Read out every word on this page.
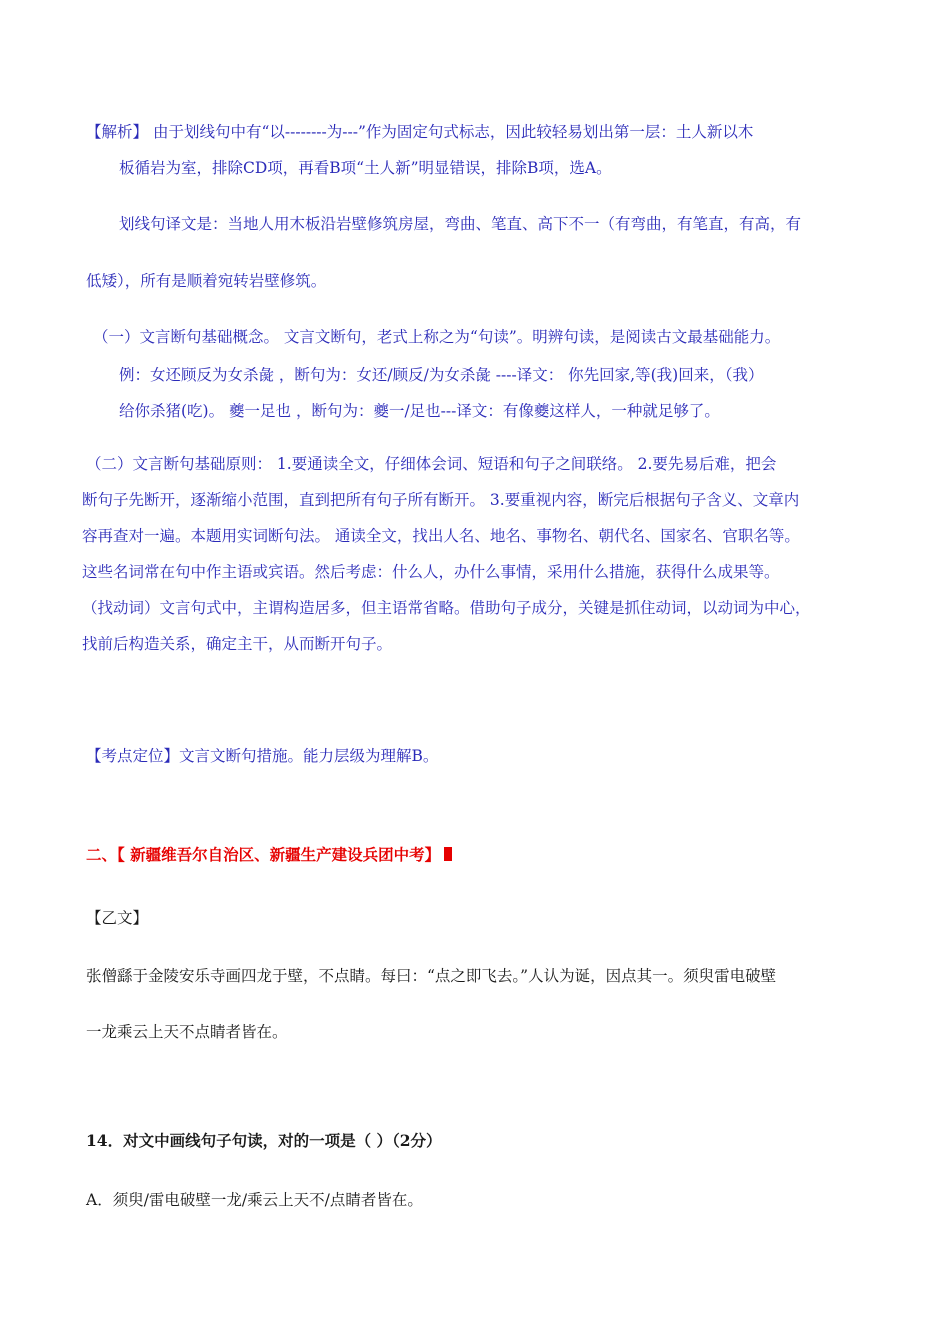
【解析】 由于划线句中有“以--------为---”作为固定句式标志，因此较轻易划出第一层：土人新以木
板循岩为室，排除CD项，再看B项“土人新”明显错误，排除B项，选A。
划线句译文是：当地人用木板沿岩壁修筑房屋，弯曲、笔直、高下不一（有弯曲，有笔直，有高，有
低矮），所有是顺着宛转岩壁修筑。
（一）文言断句基础概念。 文言文断句，老式上称之为“句读”。明辨句读，是阅读古文最基础能力。
例：女还顾反为女杀彘 ，断句为：女还/顾反/为女杀彘 ----译文： 你先回家,等(我)回来，（我）
给你杀猪(吃)。 夔一足也 ，断句为：夔一/足也---译文：有像夔这样人，一种就足够了。
（二）文言断句基础原则： 1.要通读全文，仔细体会词、短语和句子之间联络。 2.要先易后难，把会
断句子先断开，逐渐缩小范围，直到把所有句子所有断开。 3.要重视内容，断完后根据句子含义、文章内
容再查对一遍。本题用实词断句法。 通读全文，找出人名、地名、事物名、朝代名、国家名、官职名等。
这些名词常在句中作主语或宾语。然后考虑：什么人，办什么事情，采用什么措施，获得什么成果等。
（找动词）文言句式中，主谓构造居多，但主语常省略。借助句子成分，关键是抓住动词，以动词为中心，
找前后构造关系，确定主干，从而断开句子。
【考点定位】文言文断句措施。能力层级为理解B。
二、【 新疆维吾尔自治区、新疆生产建设兵团中考】
【乙文】
张僧繇于金陵安乐寺画四龙于壁，不点睛。每曰：“点之即飞去。”人认为诞，因点其一。须臾雷电破壁
一龙乘云上天不点睛者皆在。
14．对文中画线句子句读，对的一项是（ ）（2分）
A．须臾/雷电破壁一龙/乘云上天不/点睛者皆在。
